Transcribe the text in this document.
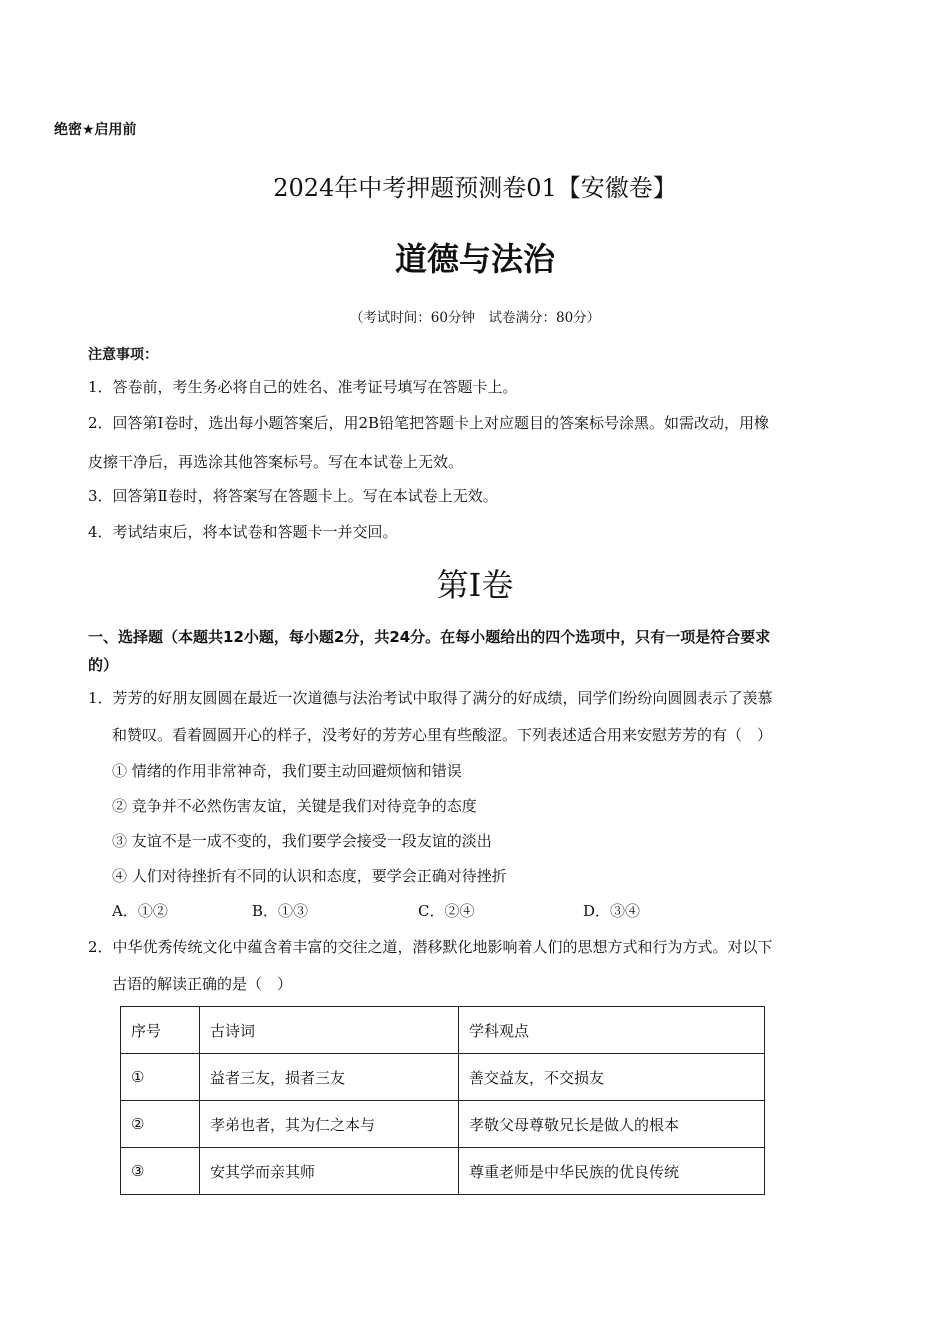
绝密★启用前
2024年中考押题预测卷01【安徽卷】
道德与法治
（考试时间：60分钟　试卷满分：80分）
注意事项：
1．答卷前，考生务必将自己的姓名、准考证号填写在答题卡上。
2．回答第Ⅰ卷时，选出每小题答案后，用2B铅笔把答题卡上对应题目的答案标号涂黑。如需改动，用橡
皮擦干净后，再选涂其他答案标号。写在本试卷上无效。
3．回答第Ⅱ卷时，将答案写在答题卡上。写在本试卷上无效。
4．考试结束后，将本试卷和答题卡一并交回。
第Ⅰ卷
一、选择题（本题共12小题，每小题2分，共24分。在每小题给出的四个选项中，只有一项是符合要求
的）
1．芳芳的好朋友圆圆在最近一次道德与法治考试中取得了满分的好成绩，同学们纷纷向圆圆表示了羡慕
和赞叹。看着圆圆开心的样子，没考好的芳芳心里有些酸涩。下列表述适合用来安慰芳芳的有（　）
① 情绪的作用非常神奇，我们要主动回避烦恼和错误
② 竞争并不必然伤害友谊，关键是我们对待竞争的态度
③ 友谊不是一成不变的，我们要学会接受一段友谊的淡出
④ 人们对待挫折有不同的认识和态度，要学会正确对待挫折
A．①②	B．①③	C．②④	D．③④
2．中华优秀传统文化中蕴含着丰富的交往之道，潜移默化地影响着人们的思想方式和行为方式。对以下
古语的解读正确的是（　）
序号	古诗词	学科观点
①	益者三友，损者三友	善交益友，不交损友
②	孝弟也者，其为仁之本与	孝敬父母尊敬兄长是做人的根本
③	安其学而亲其师	尊重老师是中华民族的优良传统
